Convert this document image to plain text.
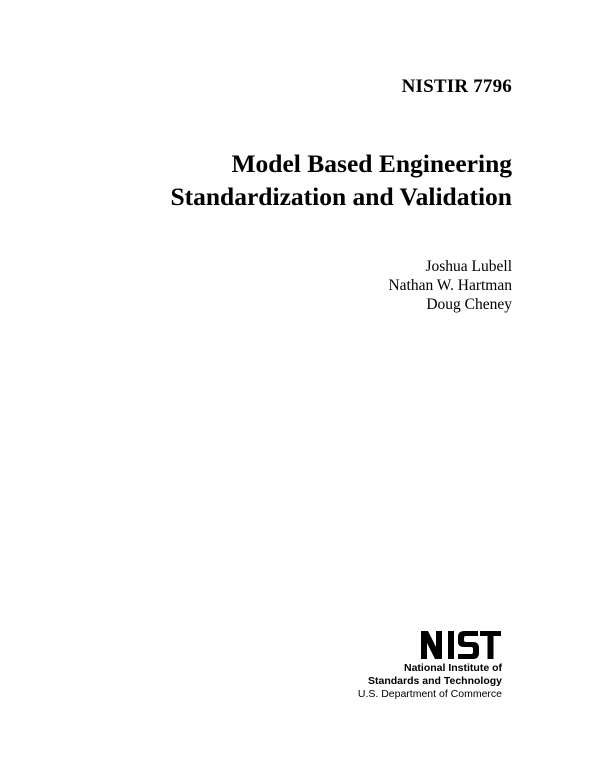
NISTIR 7796
Model Based Engineering
Standardization and Validation
Joshua Lubell
Nathan W. Hartman
Doug Cheney
National Institute of
Standards and Technology
U.S. Department of Commerce
